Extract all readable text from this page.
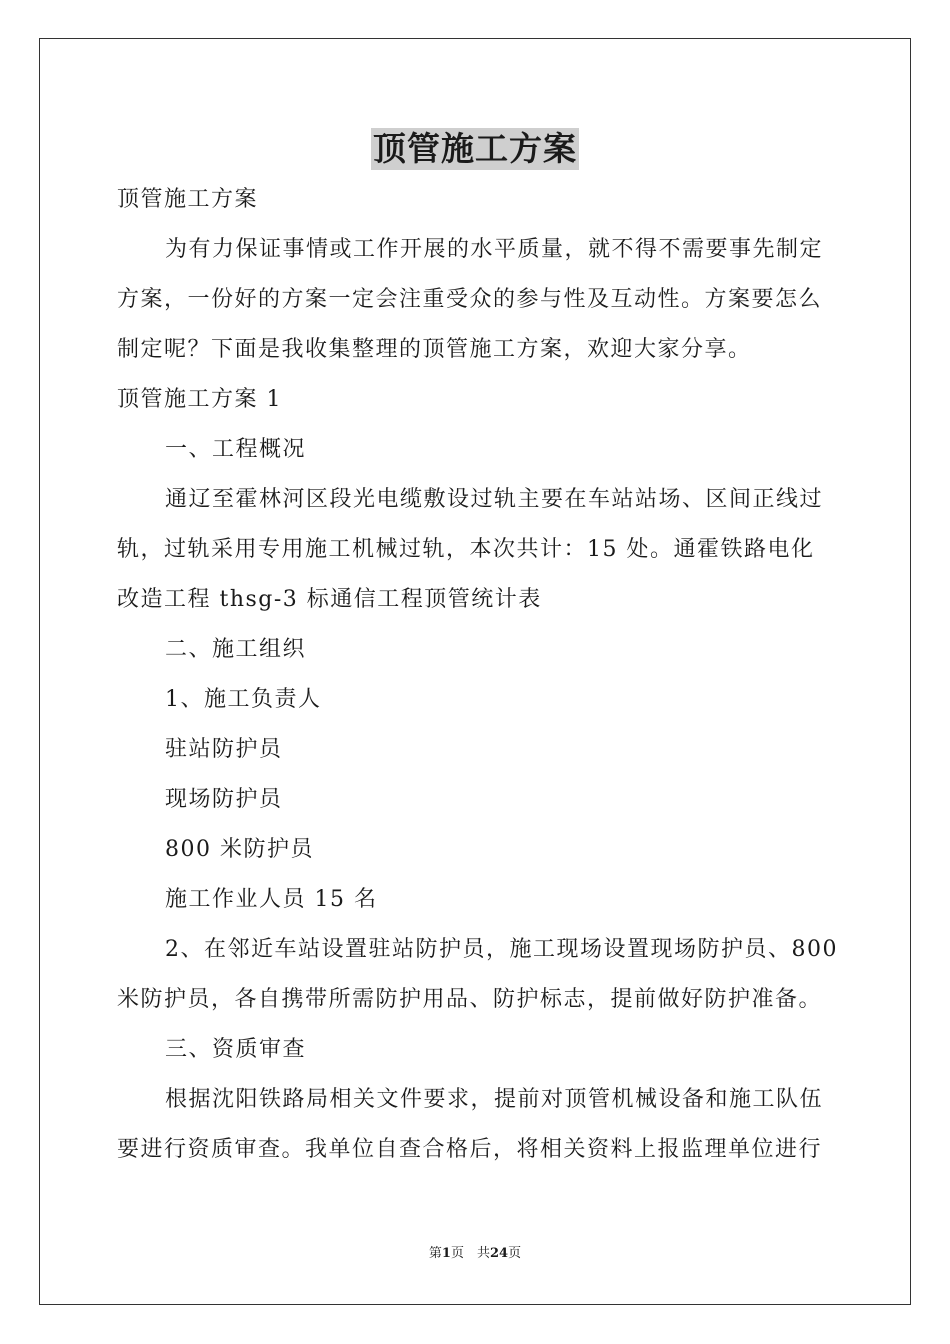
顶管施工方案
顶管施工方案
为有力保证事情或工作开展的水平质量，就不得不需要事先制定
方案，一份好的方案一定会注重受众的参与性及互动性。方案要怎么
制定呢？下面是我收集整理的顶管施工方案，欢迎大家分享。
顶管施工方案 1
一、工程概况
通辽至霍林河区段光电缆敷设过轨主要在车站站场、区间正线过
轨，过轨采用专用施工机械过轨，本次共计：15 处。通霍铁路电化
改造工程 thsg-3 标通信工程顶管统计表
二、施工组织
1、施工负责人
驻站防护员
现场防护员
800 米防护员
施工作业人员 15 名
2、在邻近车站设置驻站防护员，施工现场设置现场防护员、800
米防护员，各自携带所需防护用品、防护标志，提前做好防护准备。
三、资质审查
根据沈阳铁路局相关文件要求，提前对顶管机械设备和施工队伍
要进行资质审查。我单位自查合格后，将相关资料上报监理单位进行
第1页　共24页
